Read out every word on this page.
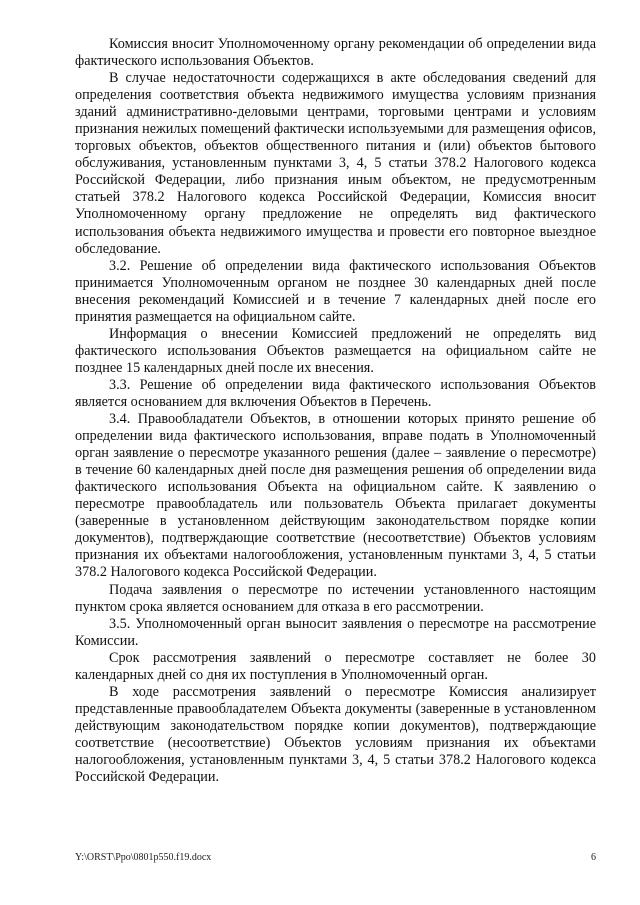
Комиссия вносит Уполномоченному органу рекомендации об определении вида фактического использования Объектов.

В случае недостаточности содержащихся в акте обследования сведений для определения соответствия объекта недвижимого имущества условиям признания зданий административно-деловыми центрами, торговыми центрами и условиям признания нежилых помещений фактически используемыми для размещения офисов, торговых объектов, объектов общественного питания и (или) объектов бытового обслуживания, установленным пунктами 3, 4, 5 статьи 378.2 Налогового кодекса Российской Федерации, либо признания иным объектом, не предусмотренным статьей 378.2 Налогового кодекса Российской Федерации, Комиссия вносит Уполномоченному органу предложение не определять вид фактического использования объекта недвижимого имущества и провести его повторное выездное обследование.

3.2. Решение об определении вида фактического использования Объектов принимается Уполномоченным органом не позднее 30 календарных дней после внесения рекомендаций Комиссией и в течение 7 календарных дней после его принятия размещается на официальном сайте.

Информация о внесении Комиссией предложений не определять вид фактического использования Объектов размещается на официальном сайте не позднее 15 календарных дней после их внесения.

3.3. Решение об определении вида фактического использования Объектов является основанием для включения Объектов в Перечень.

3.4. Правообладатели Объектов, в отношении которых принято решение об определении вида фактического использования, вправе подать в Уполномоченный орган заявление о пересмотре указанного решения (далее – заявление о пересмотре) в течение 60 календарных дней после дня размещения решения об определении вида фактического использования Объекта на официальном сайте. К заявлению о пересмотре правообладатель или пользователь Объекта прилагает документы (заверенные в установленном действующим законодательством порядке копии документов), подтверждающие соответствие (несоответствие) Объектов условиям признания их объектами налогообложения, установленным пунктами 3, 4, 5 статьи 378.2 Налогового кодекса Российской Федерации.

Подача заявления о пересмотре по истечении установленного настоящим пунктом срока является основанием для отказа в его рассмотрении.

3.5. Уполномоченный орган выносит заявления о пересмотре на рассмотрение Комиссии.

Срок рассмотрения заявлений о пересмотре составляет не более 30 календарных дней со дня их поступления в Уполномоченный орган.

В ходе рассмотрения заявлений о пересмотре Комиссия анализирует представленные правообладателем Объекта документы (заверенные в установленном действующим законодательством порядке копии документов), подтверждающие соответствие (несоответствие) Объектов условиям признания их объектами налогообложения, установленным пунктами 3, 4, 5 статьи 378.2 Налогового кодекса Российской Федерации.

Y:\ORST\Ppo\0801p550.f19.docx	6
